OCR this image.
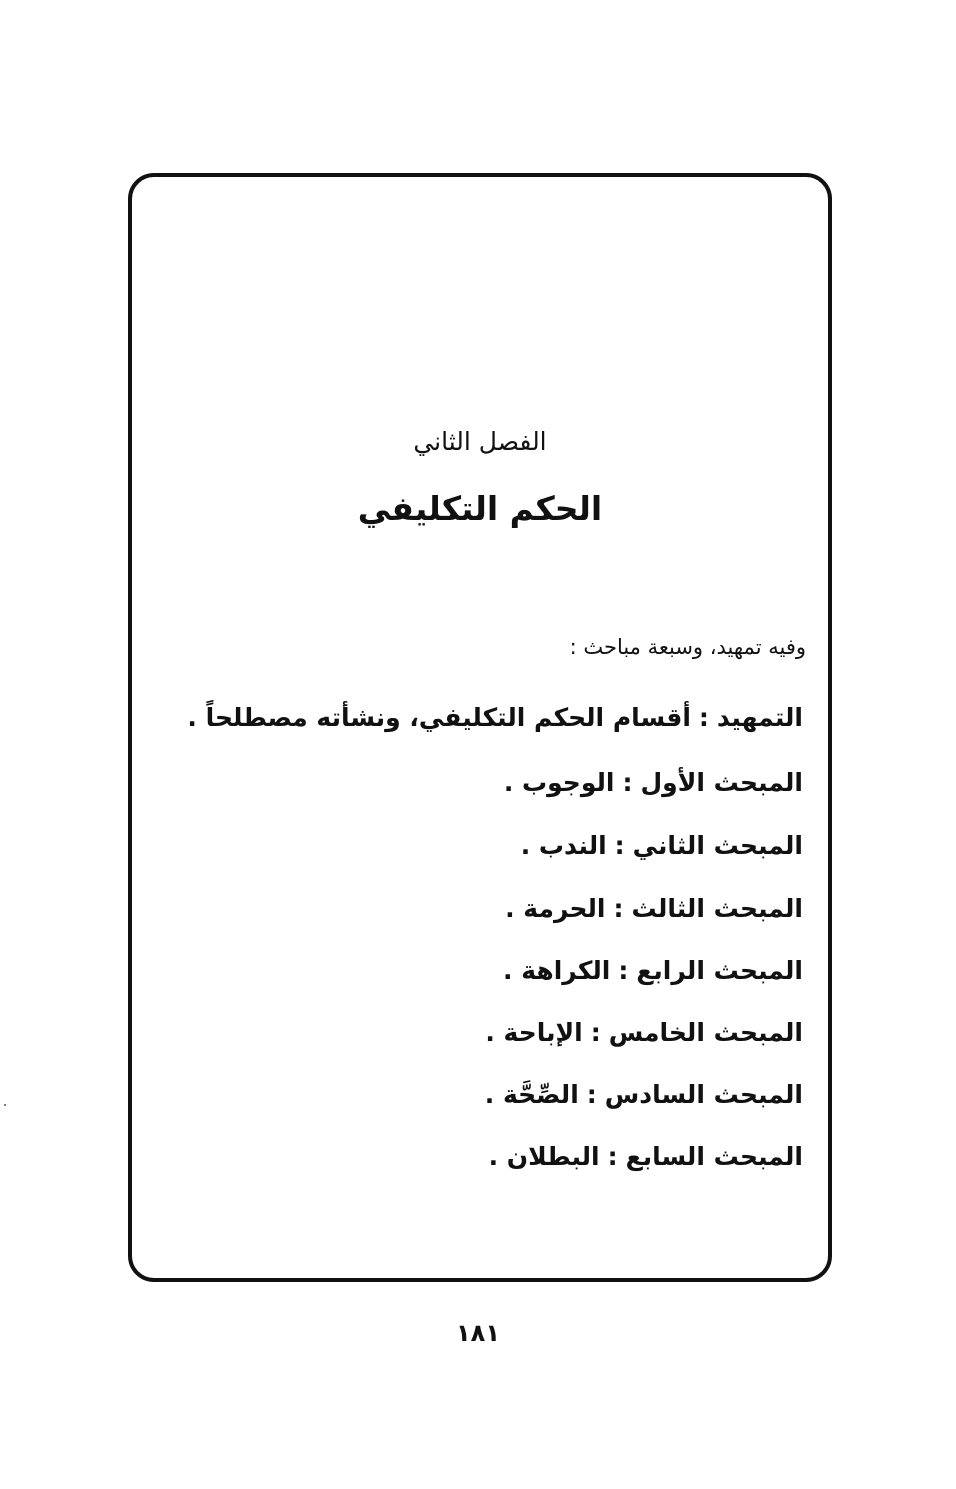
الفصل الثاني
الحكم التكليفي
وفيه تمهيد، وسبعة مباحث :
التمهيد:أقسام الحكم التكليفي، ونشأته مصطلحاً .
المبحث الأول:الوجوب .
المبحث الثاني:الندب .
المبحث الثالث:الحرمة .
المبحث الرابع:الكراهة .
المبحث الخامس:الإباحة .
المبحث السادس:الصِّحَّة .
المبحث السابع:البطلان .
١٨١
